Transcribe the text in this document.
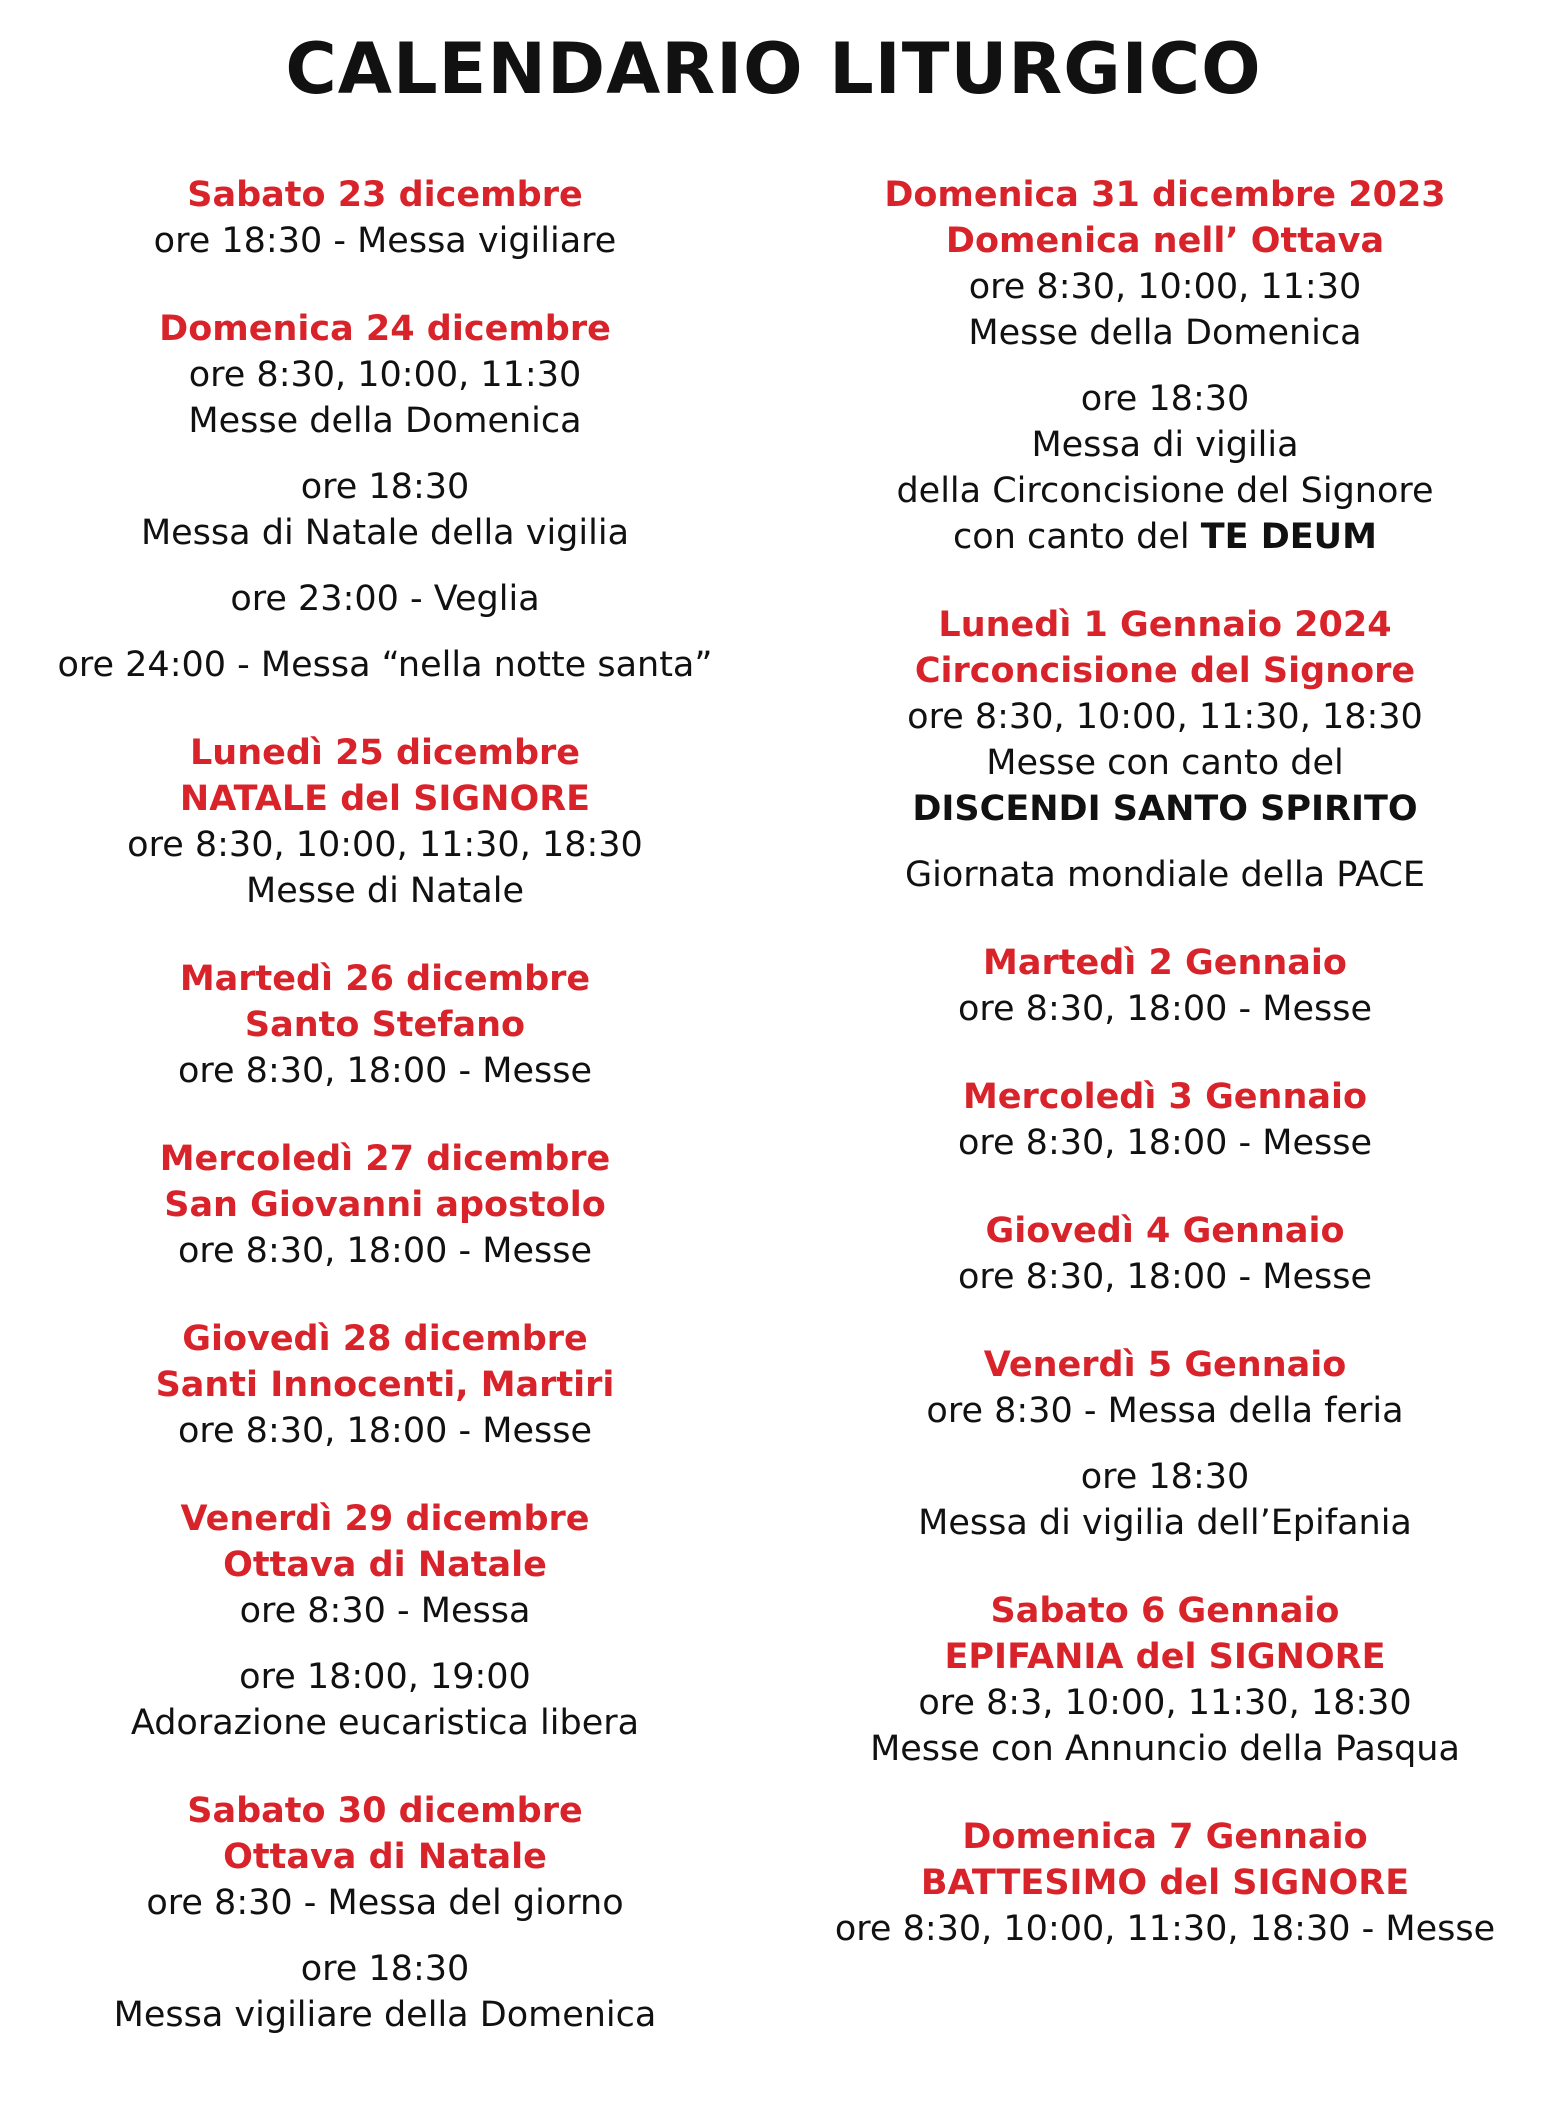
CALENDARIO LITURGICO
Sabato 23 dicembre
ore 18:30 - Messa vigiliare
Domenica 24 dicembre
ore 8:30, 10:00, 11:30
Messe della Domenica
ore 18:30
Messa di Natale della vigilia
ore 23:00 - Veglia
ore 24:00 - Messa “nella notte santa”
Lunedì 25 dicembre
NATALE del SIGNORE
ore 8:30, 10:00, 11:30, 18:30
Messe di Natale
Martedì 26 dicembre
Santo Stefano
ore 8:30, 18:00 - Messe
Mercoledì 27 dicembre
San Giovanni apostolo
ore 8:30, 18:00 - Messe
Giovedì 28 dicembre
Santi Innocenti, Martiri
ore 8:30, 18:00 - Messe
Venerdì 29 dicembre
Ottava di Natale
ore 8:30 - Messa
ore 18:00, 19:00
Adorazione eucaristica libera
Sabato 30 dicembre
Ottava di Natale
ore 8:30 - Messa del giorno
ore 18:30
Messa vigiliare della Domenica
Domenica 31 dicembre 2023
Domenica nell’ Ottava
ore 8:30, 10:00, 11:30
Messe della Domenica
ore 18:30
Messa di vigilia
della Circoncisione del Signore
con canto del TE DEUM
Lunedì 1 Gennaio 2024
Circoncisione del Signore
ore 8:30, 10:00, 11:30, 18:30
Messe con canto del
DISCENDI SANTO SPIRITO
Giornata mondiale della PACE
Martedì 2 Gennaio
ore 8:30, 18:00 - Messe
Mercoledì 3 Gennaio
ore 8:30, 18:00 - Messe
Giovedì 4 Gennaio
ore 8:30, 18:00 - Messe
Venerdì 5 Gennaio
ore 8:30 - Messa della feria
ore 18:30
Messa di vigilia dell’Epifania
Sabato 6 Gennaio
EPIFANIA del SIGNORE
ore 8:3, 10:00, 11:30, 18:30
Messe con Annuncio della Pasqua
Domenica 7 Gennaio
BATTESIMO del SIGNORE
ore 8:30, 10:00, 11:30, 18:30 - Messe
